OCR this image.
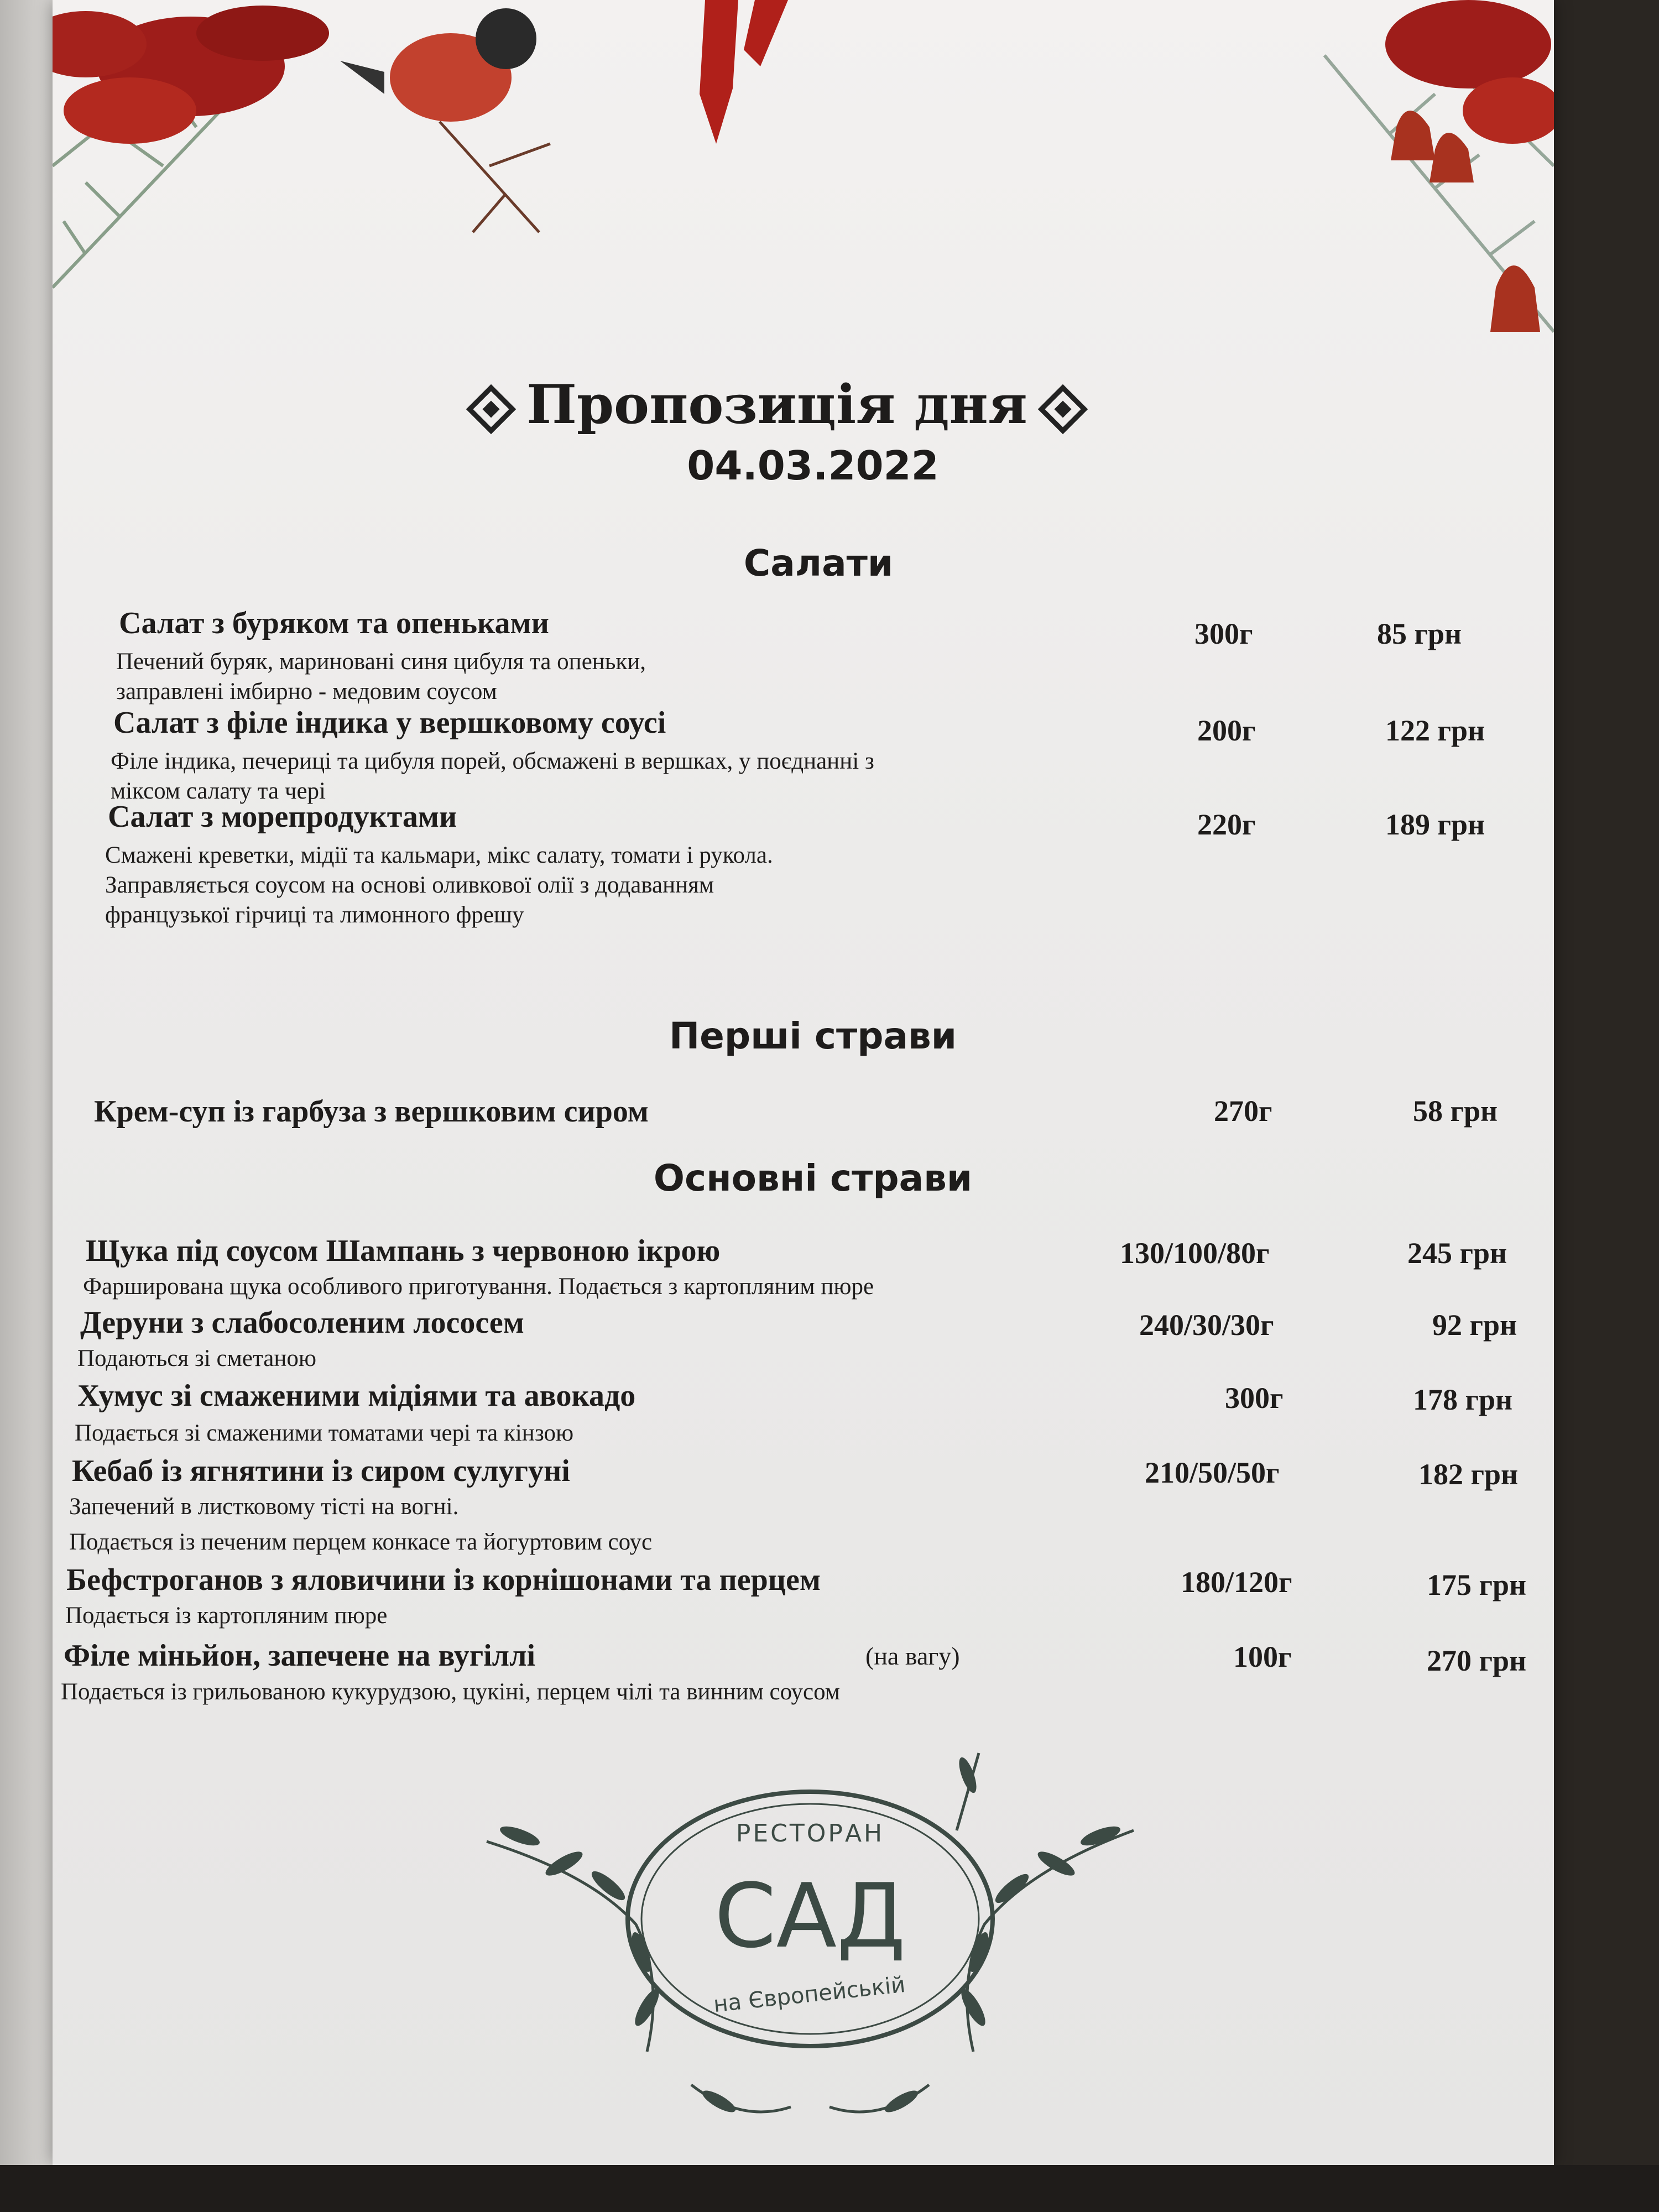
Пропозиція дня
04.03.2022
Салати
Салат з буряком та опеньками
Печений буряк, мариновані синя цибуля та опеньки,
заправлені імбирно - медовим соусом
300г	85 грн
Салат з філе індика у вершковому соусі
Філе індика, печериці та цибуля порей, обсмажені в вершках, у поєднанні з
міксом салату та чері
200г	122 грн
Салат з морепродуктами
Смажені креветки, мідії та кальмари, мікс салату, томати і рукола.
Заправляється соусом на основі оливкової олії з додаванням
французької гірчиці та лимонного фрешу
220г	189 грн
Перші страви
Крем-суп із гарбуза з вершковим сиром	270г	58 грн
Основні страви
Щука під соусом Шампань з червоною ікрою
Фарширована щука особливого приготування. Подається з картопляним пюре
130/100/80г	245 грн
Деруни з слабосоленим лососем
Подаються зі сметаною
240/30/30г	92 грн
Хумус зі смаженими мідіями та авокадо
Подається зі смаженими томатами чері та кінзою
300г	178 грн
Кебаб із ягнятини із сиром сулугуні
Запечений в листковому тісті на вогні.
Подається із печеним перцем конкасе та йогуртовим соус
210/50/50г	182 грн
Бефстроганов з яловичини із корнішонами та перцем
Подається із картопляним пюре
180/120г	175 грн
Філе міньйон, запечене на вугіллі	(на вагу)
Подається із грильованою кукурудзою, цукіні, перцем чілі та винним соусом
100г	270 грн
РЕСТОРАН
САД
на Європейській
